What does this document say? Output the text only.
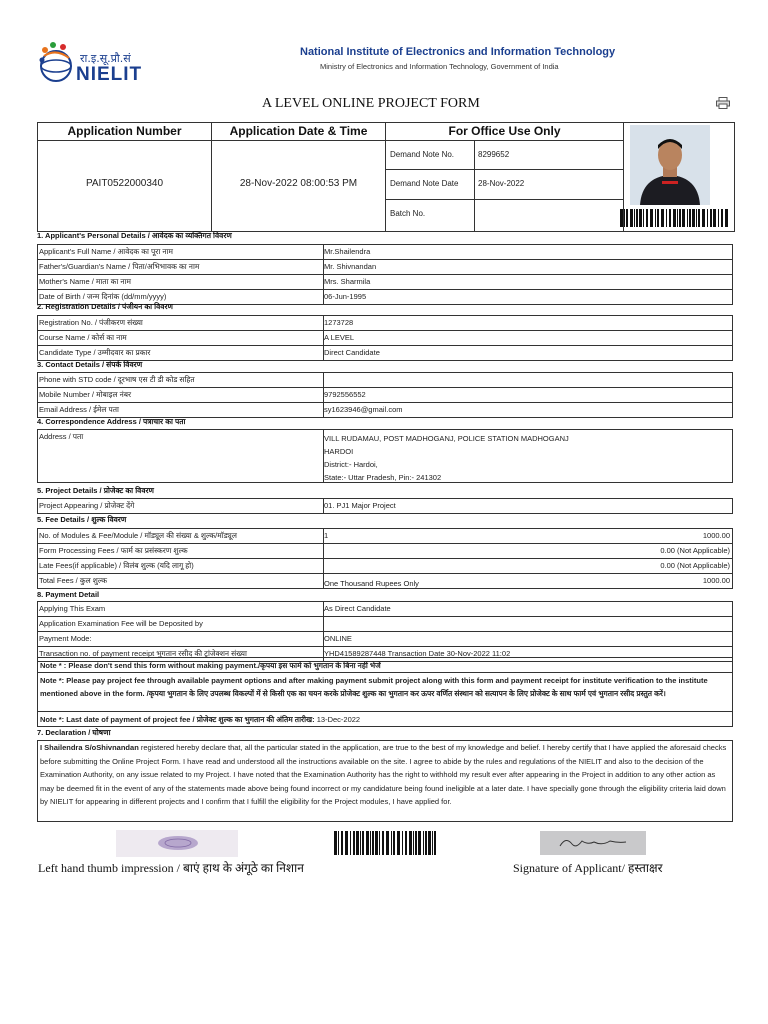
रा.इ.सू.प्रौ.सं
NIELIT
National Institute of Electronics and Information Technology
Ministry of Electronics and Information Technology, Government of India
A LEVEL ONLINE PROJECT FORM
Application Number	Application Date & Time	For Office Use Only
PAIT0522000340	28-Nov-2022 08:00:53 PM
Demand Note No.	8299652
Demand Note Date 28-Nov-2022
Batch No.
1. Applicant's Personal Details / आवेदक का व्यक्तिगत विवरण
Applicant's Full Name / आवेदक का पूरा नाम	Mr.Shailendra
Father's/Guardian's Name / पिता/अभिभावक का नाम	Mr. Shivnandan
Mother's Name / माता का नाम	Mrs. Sharmila
Date of Birth / जन्म दिनांक (dd/mm/yyyy)	06-Jun-1995
2. Registration Details / पंजीयन का विवरण
Registration No. / पंजीकरण संख्या	1273728
Course Name / कोर्स का नाम	A LEVEL
Candidate Type / उम्मीदवार का प्रकार	Direct Candidate
3. Contact Details / संपर्क विवरण
Phone with STD code / दूरभाष एस टी डी कोड सहित
Mobile Number / मोबाइल नंबर	9792556552
Email Address / ईमेल पता	sy1623946@gmail.com
4. Correspondence Address / पत्राचार का पता
Address / पता	VILL RUDAMAU, POST MADHOGANJ, POLICE STATION MADHOGANJ
HARDOI
District:- Hardoi,
State:- Uttar Pradesh, Pin:- 241302
5. Project Details / प्रोजेक्ट का विवरण
Project Appearing / प्रोजेक्ट देंगे	01. PJ1 Major Project
5. Fee Details / शुल्क विवरण
No. of Modules & Fee/Module / मॉड्यूल की संख्या & शुल्क/मॉड्यूल	1	1000.00
Form Processing Fees / फार्म का प्रसंस्करण शुल्क	0.00 (Not Applicable)
Late Fees(if applicable) / विलंब शुल्क (यदि लागू हो)	0.00 (Not Applicable)
Total Fees / कुल शुल्क	One Thousand Rupees Only	1000.00
8. Payment Detail
Applying This Exam	As Direct Candidate
Application Examination Fee will be Deposited by
Payment Mode:	ONLINE
Transaction no. of payment receipt भुगतान रसीद की ट्रांजेक्शन संख्या	YHD41589287448 Transaction Date 30-Nov-2022 11:02
Note * : Please don't send this form without making payment./कृपया इस फार्म को भुगतान के बिना नहीं भेजें
Note *: Please pay project fee through available payment options and after making payment submit project along with this form and payment receipt for institute verification to the institute mentioned above in the form. /कृपया भुगतान के लिए उपलब्ध विकल्पों में से किसी एक का चयन करके प्रोजेक्ट शुल्क का भुगतान कर ऊपर वर्णित संस्थान को सत्यापन के लिए प्रोजेक्ट के साथ फार्म एवं भुगतान रसीद प्रस्तुत करें।
Note *: Last date of payment of project fee / प्रोजेक्ट शुल्क का भुगतान की अंतिम तारीख: 13-Dec-2022
7. Declaration / घोषणा
I Shailendra S/oShivnandan registered hereby declare that, all the particular stated in the application, are true to the best of my knowledge and belief. I hereby certify that I have applied the aforesaid checks before submitting the Online Project Form. I have read and understood all the instructions available on the site. I agree to abide by the rules and regulations of the NIELIT and also to the decision of the Examination Authority, on any issue related to my Project. I have noted that the Examination Authority has the right to withhold my result ever after appearing in the Project in addition to any other action as may be deemed fit in the event of any of the statements made above being found incorrect or my candidature being found ineligible at a later date. I have specially gone through the eligibility criteria laid down by NIELIT for appearing in different projects and I confirm that I fulfill the eligibility for the Project modules, I have applied for.
Left hand thumb impression / बाएं हाथ के अंगूठे का निशान	Signature of Applicant/ हस्ताक्षर
